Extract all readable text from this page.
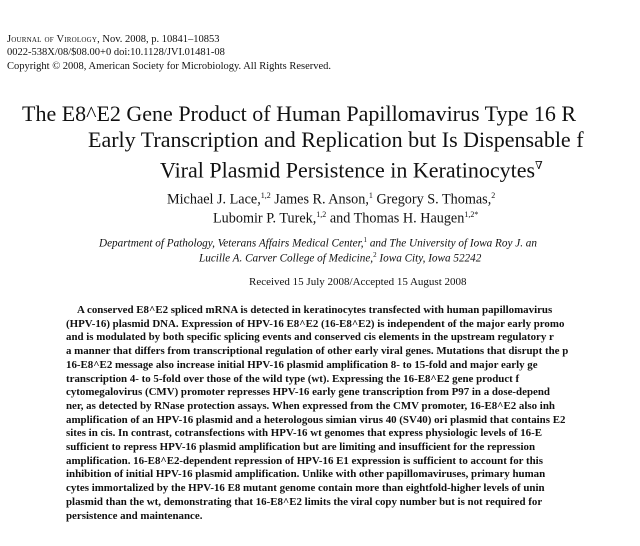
Journal of Virology, Nov. 2008, p. 10841–10853
0022-538X/08/$08.00+0 doi:10.1128/JVI.01481-08
Copyright © 2008, American Society for Microbiology. All Rights Reserved.
The E8^E2 Gene Product of Human Papillomavirus Type 16 R
Early Transcription and Replication but Is Dispensable f
Viral Plasmid Persistence in Keratinocytes∇
Michael J. Lace,$^{1,2}$ James R. Anson,$^1$ Gregory S. Thomas,$^2$
Lubomir P. Turek,$^{1,2}$ and Thomas H. Haugen$^{1,2*}$
Department of Pathology, Veterans Affairs Medical Center,$^1$ and The University of Iowa Roy J. an
Lucille A. Carver College of Medicine,$^2$ Iowa City, Iowa 52242
Received 15 July 2008/Accepted 15 August 2008
A conserved E8^E2 spliced mRNA is detected in keratinocytes transfected with human papillomavirus
(HPV-16) plasmid DNA. Expression of HPV-16 E8^E2 (16-E8^E2) is independent of the major early promo
and is modulated by both specific splicing events and conserved cis elements in the upstream regulatory r
a manner that differs from transcriptional regulation of other early viral genes. Mutations that disrupt the p
16-E8^E2 message also increase initial HPV-16 plasmid amplification 8- to 15-fold and major early ge
transcription 4- to 5-fold over those of the wild type (wt). Expressing the 16-E8^E2 gene product f
cytomegalovirus (CMV) promoter represses HPV-16 early gene transcription from P97 in a dose-depend
ner, as detected by RNase protection assays. When expressed from the CMV promoter, 16-E8^E2 also inh
amplification of an HPV-16 plasmid and a heterologous simian virus 40 (SV40) ori plasmid that contains E2
sites in cis. In contrast, cotransfections with HPV-16 wt genomes that express physiologic levels of 16-E
sufficient to repress HPV-16 plasmid amplification but are limiting and insufficient for the repression
amplification. 16-E8^E2-dependent repression of HPV-16 E1 expression is sufficient to account for this
inhibition of initial HPV-16 plasmid amplification. Unlike with other papillomaviruses, primary human
cytes immortalized by the HPV-16 E8 mutant genome contain more than eightfold-higher levels of unin
plasmid than the wt, demonstrating that 16-E8^E2 limits the viral copy number but is not required for
persistence and maintenance.
